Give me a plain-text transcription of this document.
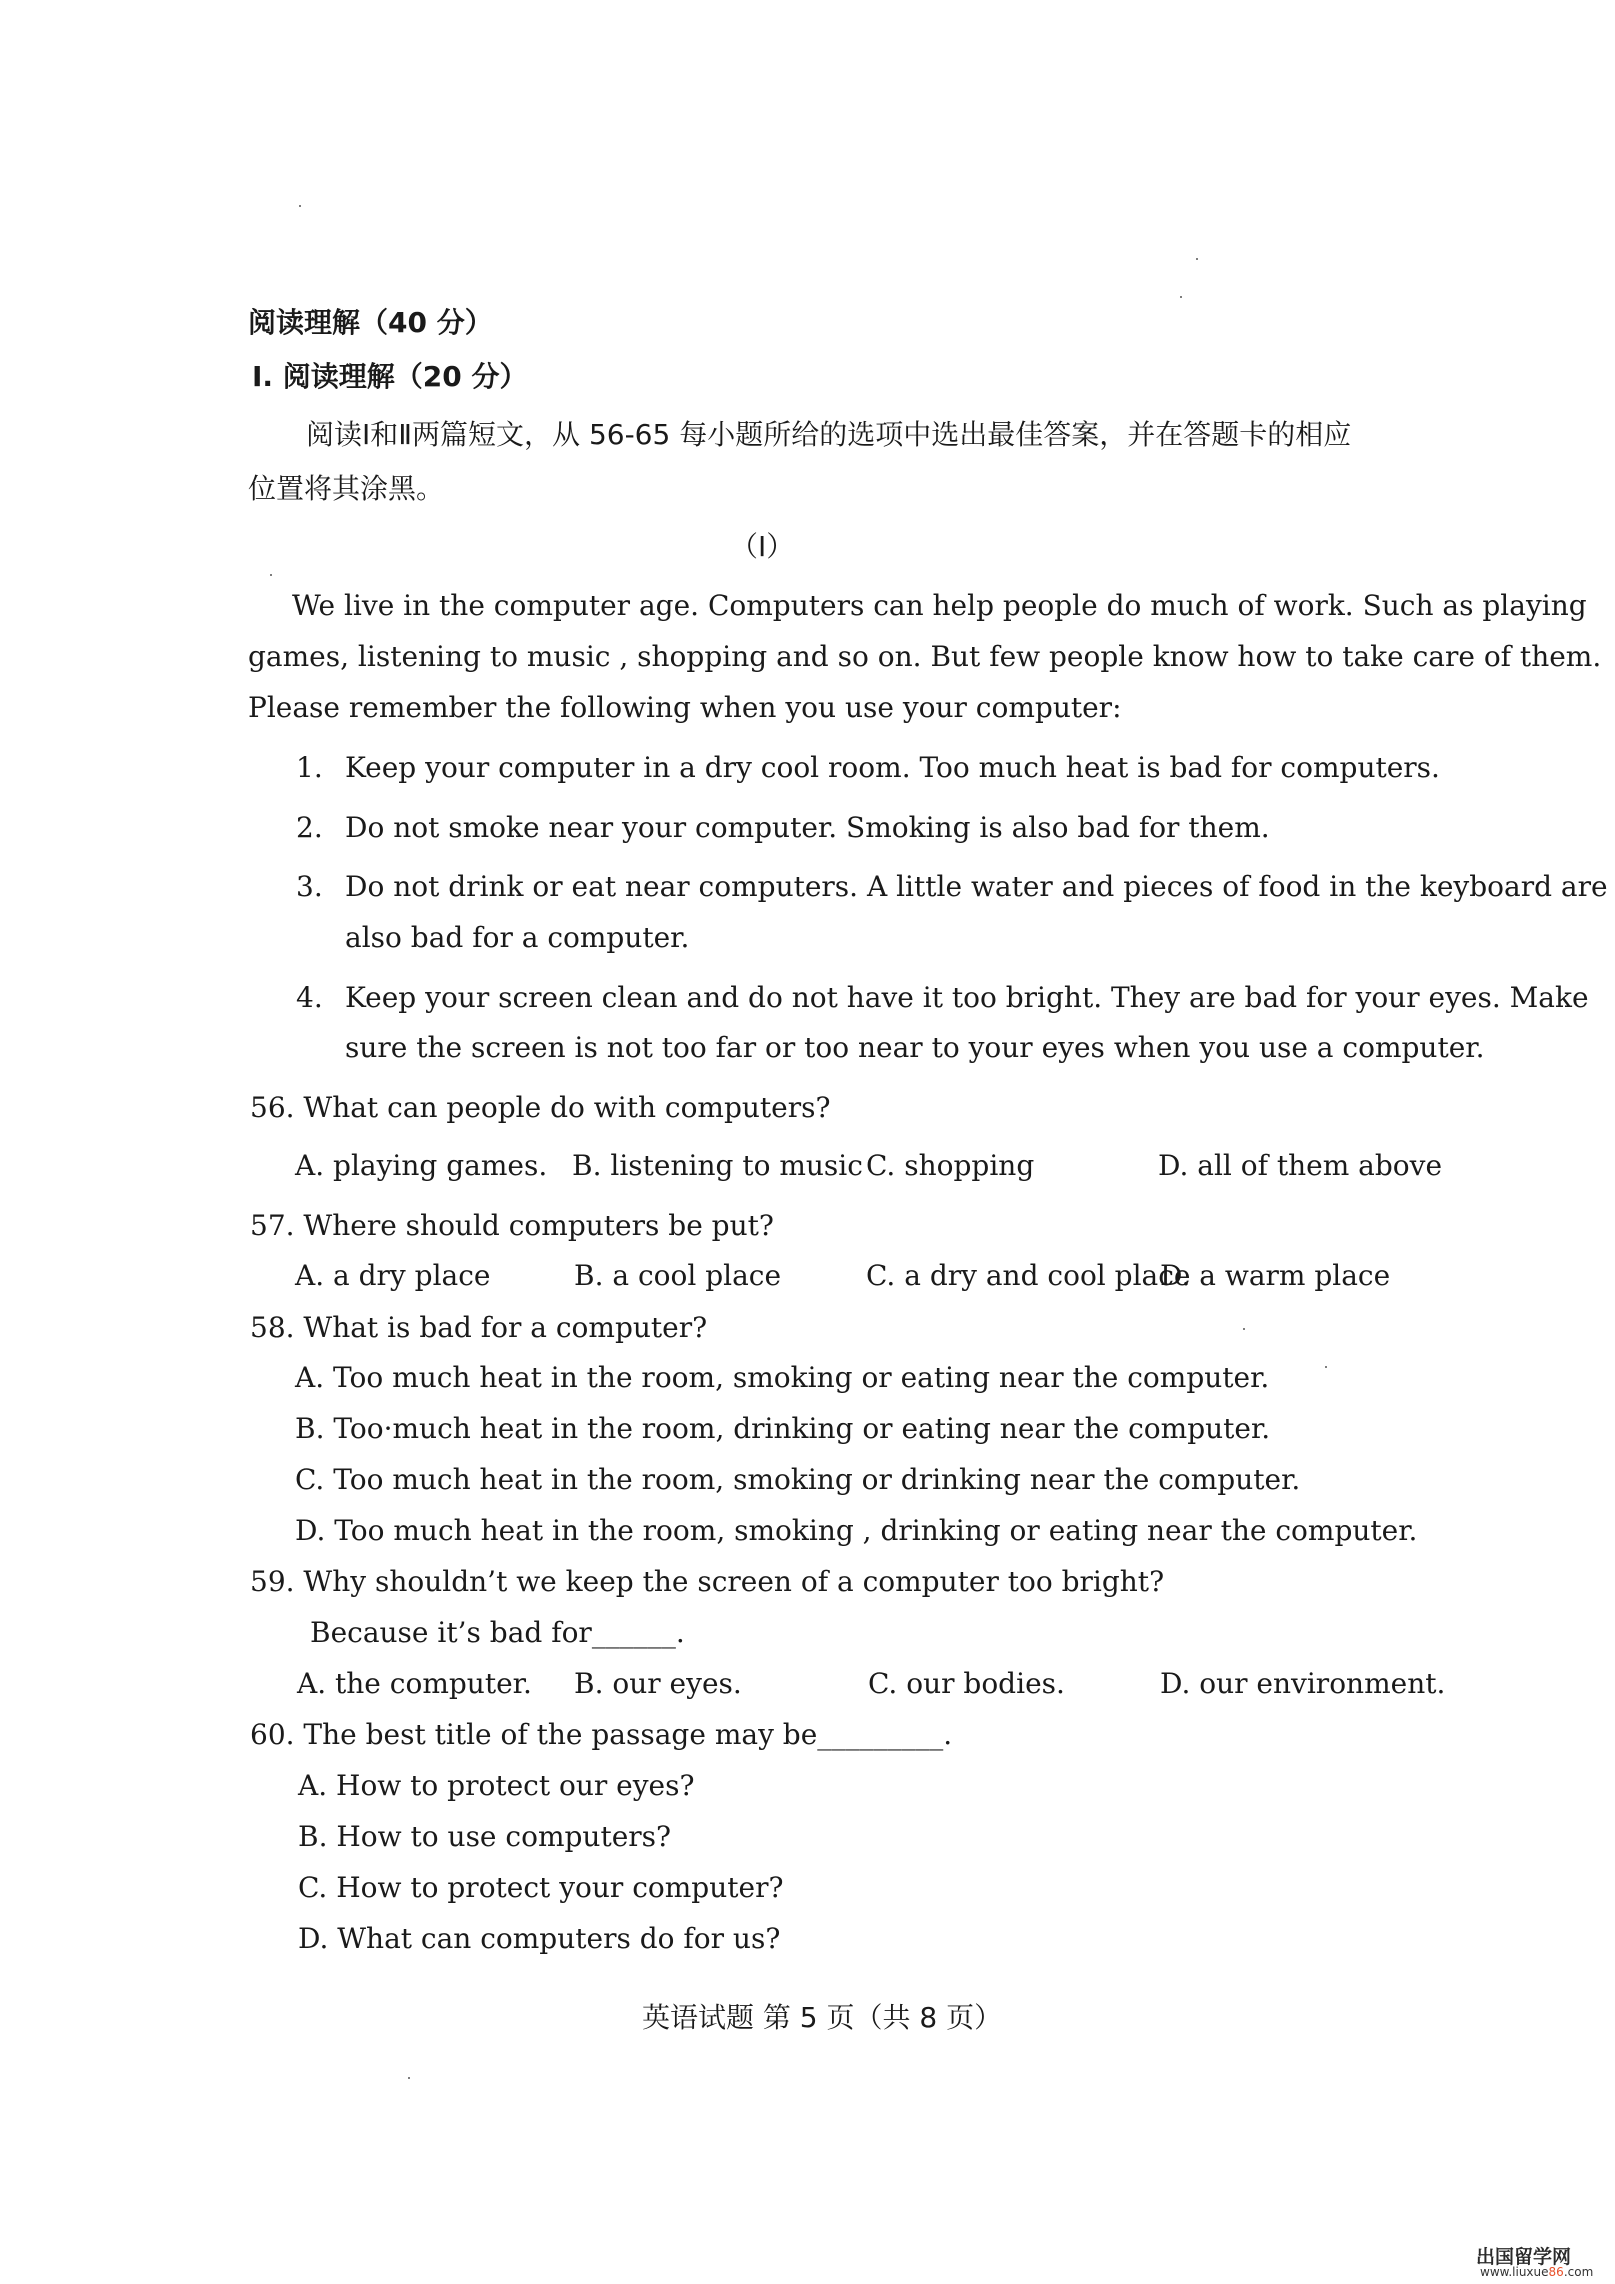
阅读理解（40 分）
Ⅰ. 阅读理解（20 分）
阅读Ⅰ和Ⅱ两篇短文，从 56-65 每小题所给的选项中选出最佳答案，并在答题卡的相应
位置将其涂黑。
（Ⅰ）
We live in the computer age. Computers can help people do much of work. Such as playing
games, listening to music , shopping and so on. But few people know how to take care of them.
Please remember the following when you use your computer:
1. Keep your computer in a dry cool room. Too much heat is bad for computers.
2. Do not smoke near your computer. Smoking is also bad for them.
3. Do not drink or eat near computers. A little water and pieces of food in the keyboard are
also bad for a computer.
4. Keep your screen clean and do not have it too bright. They are bad for your eyes. Make
sure the screen is not too far or too near to your eyes when you use a computer.
56. What can people do with computers?
A. playing games. B. listening to music C. shopping	D. all of them above
57. Where should computers be put?
A. a dry place	B. a cool place	C. a dry and cool place
D. a warm place
58. What is bad for a computer?
A. Too much heat in the room, smoking or eating near the computer.
B. Too·much heat in the room, drinking or eating near the computer.
C. Too much heat in the room, smoking or drinking near the computer.
D. Too much heat in the room, smoking , drinking or eating near the computer.
59. Why shouldn’t we keep the screen of a computer too bright?
Because it’s bad for______.
A. the computer. B. our eyes.	C. our bodies.	D. our environment.
60. The best title of the passage may be_________.
A. How to protect our eyes?
B. How to use computers?
C. How to protect your computer?
D. What can computers do for us?
英语试题 第 5 页（共 8 页）
出国留学网
www.liuxue86.com
